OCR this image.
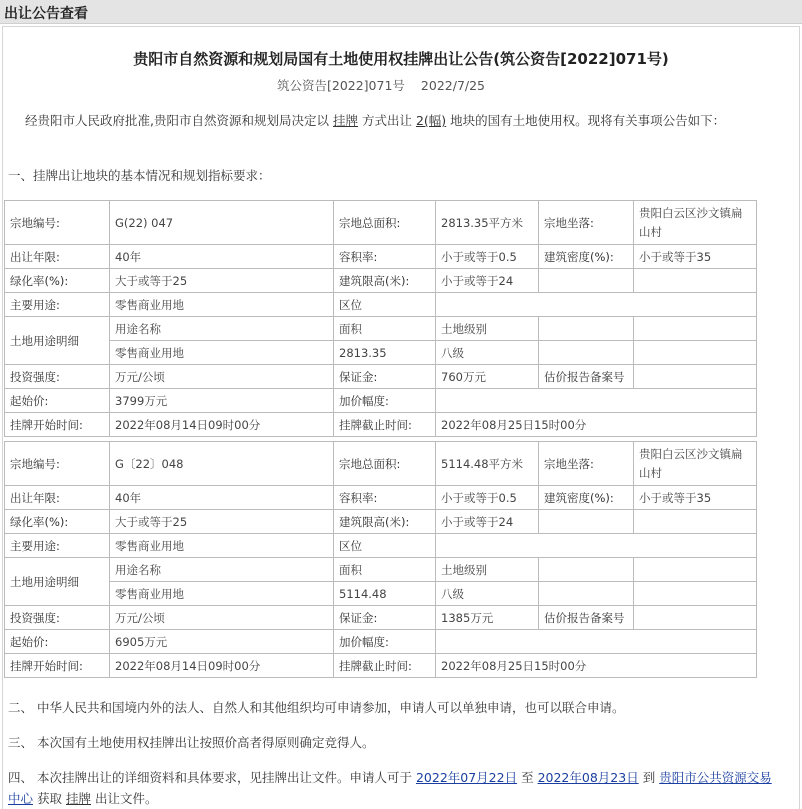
出让公告查看
贵阳市自然资源和规划局国有土地使用权挂牌出让公告(筑公资告[2022]071号)
筑公资告[2022]071号 2022/7/25
经贵阳市人民政府批准,贵阳市自然资源和规划局决定以 挂牌 方式出让 2(幅) 地块的国有土地使用权。现将有关事项公告如下：
一、挂牌出让地块的基本情况和规划指标要求：
宗地编号:	G(22) 047	宗地总面积:	2813.35平方米	宗地坐落:	贵阳白云区沙文镇扁山村
出让年限:	40年	容积率:	小于或等于0.5	建筑密度(%):	小于或等于35
绿化率(%):	大于或等于25	建筑限高(米):	小于或等于24		
主要用途:	零售商业用地	区位			
土地用途明细	用途名称	面积	土地级别		
	零售商业用地	2813.35	八级		
投资强度:	万元/公顷	保证金:	760万元	估价报告备案号	
起始价:	3799万元	加价幅度:			
挂牌开始时间:	2022年08月14日09时00分	挂牌截止时间:	2022年08月25日15时00分		
宗地编号:	G〔22〕048	宗地总面积:	5114.48平方米	宗地坐落:	贵阳白云区沙文镇扁山村
出让年限:	40年	容积率:	小于或等于0.5	建筑密度(%):	小于或等于35
绿化率(%):	大于或等于25	建筑限高(米):	小于或等于24		
主要用途:	零售商业用地	区位			
土地用途明细	用途名称	面积	土地级别		
	零售商业用地	5114.48	八级		
投资强度:	万元/公顷	保证金:	1385万元	估价报告备案号	
起始价:	6905万元	加价幅度:			
挂牌开始时间:	2022年08月14日09时00分	挂牌截止时间:	2022年08月25日15时00分		
二、 中华人民共和国境内外的法人、自然人和其他组织均可申请参加，申请人可以单独申请，也可以联合申请。
三、 本次国有土地使用权挂牌出让按照价高者得原则确定竞得人。
四、 本次挂牌出让的详细资料和具体要求，见挂牌出让文件。申请人可于 2022年07月22日 至 2022年08月23日 到 贵阳市公共资源交易中心 获取 挂牌 出让文件。
